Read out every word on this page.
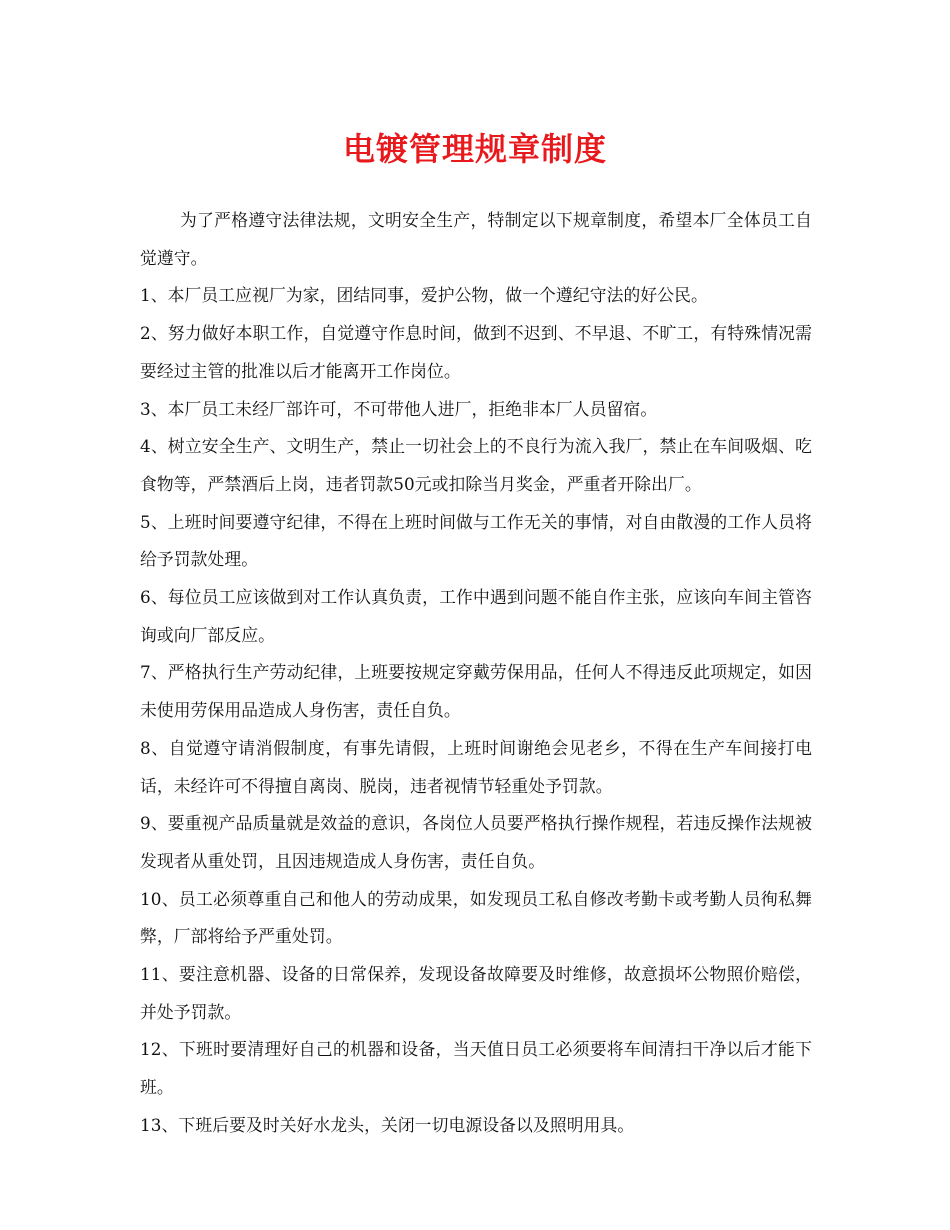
电镀管理规章制度

为了严格遵守法律法规，文明安全生产，特制定以下规章制度，希望本厂全体员工自觉遵守。

1、本厂员工应视厂为家，团结同事，爱护公物，做一个遵纪守法的好公民。

2、努力做好本职工作，自觉遵守作息时间，做到不迟到、不早退、不旷工，有特殊情况需要经过主管的批准以后才能离开工作岗位。

3、本厂员工未经厂部许可，不可带他人进厂，拒绝非本厂人员留宿。

4、树立安全生产、文明生产，禁止一切社会上的不良行为流入我厂，禁止在车间吸烟、吃食物等，严禁酒后上岗，违者罚款50元或扣除当月奖金，严重者开除出厂。

5、上班时间要遵守纪律，不得在上班时间做与工作无关的事情，对自由散漫的工作人员将给予罚款处理。

6、每位员工应该做到对工作认真负责，工作中遇到问题不能自作主张，应该向车间主管咨询或向厂部反应。

7、严格执行生产劳动纪律，上班要按规定穿戴劳保用品，任何人不得违反此项规定，如因未使用劳保用品造成人身伤害，责任自负。

8、自觉遵守请消假制度，有事先请假，上班时间谢绝会见老乡，不得在生产车间接打电话，未经许可不得擅自离岗、脱岗，违者视情节轻重处予罚款。

9、要重视产品质量就是效益的意识，各岗位人员要严格执行操作规程，若违反操作法规被发现者从重处罚，且因违规造成人身伤害，责任自负。

10、员工必须尊重自己和他人的劳动成果，如发现员工私自修改考勤卡或考勤人员徇私舞弊，厂部将给予严重处罚。

11、要注意机器、设备的日常保养，发现设备故障要及时维修，故意损坏公物照价赔偿，并处予罚款。

12、下班时要清理好自己的机器和设备，当天值日员工必须要将车间清扫干净以后才能下班。

13、下班后要及时关好水龙头，关闭一切电源设备以及照明用具。
